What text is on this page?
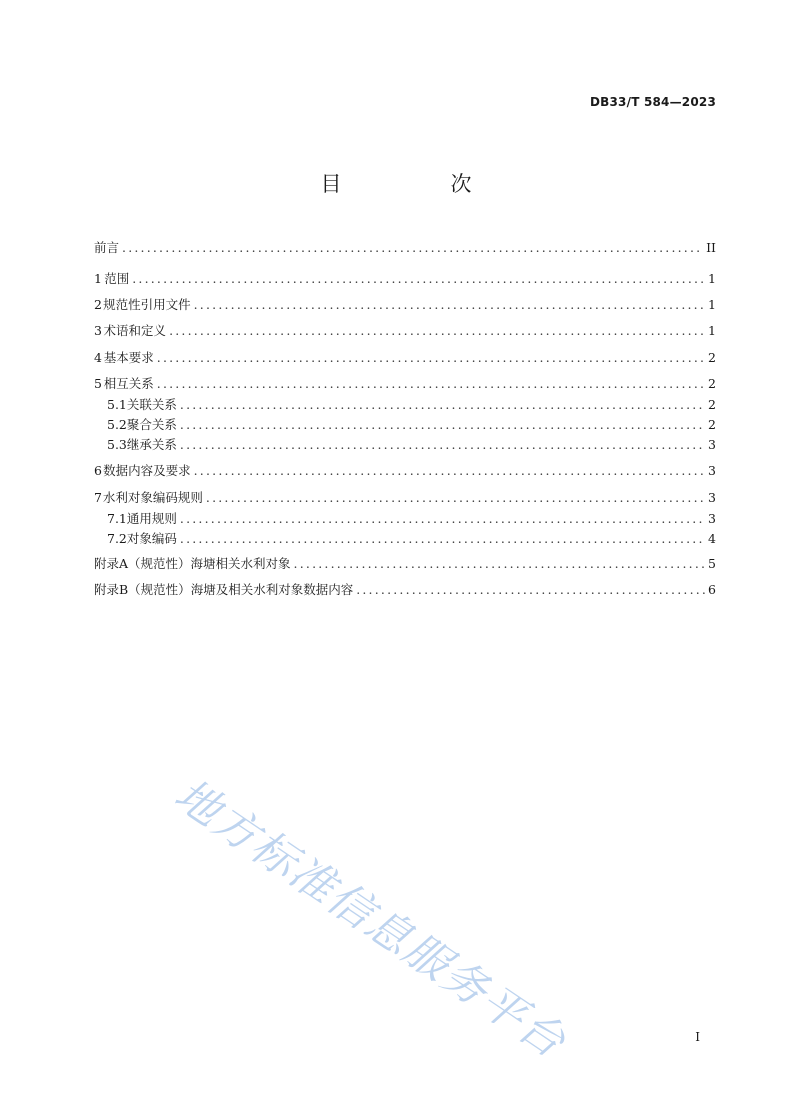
DB33/T 584—2023
目　次
前言 .....	II
1 范围 .....	1
2 规范性引用文件 .....	1
3 术语和定义 .....	1
4 基本要求 .....	2
5 相互关系 .....	2
5.1 关联关系 .....	2
5.2 聚合关系 .....	2
5.3 继承关系 .....	3
6 数据内容及要求 .....	3
7 水利对象编码规则 .....	3
7.1 通用规则 .....	3
7.2 对象编码 .....	4
附录A（规范性） 海塘相关水利对象 .....	5
附录B（规范性） 海塘及相关水利对象数据内容 .....	6
地方标准信息服务平台	I
